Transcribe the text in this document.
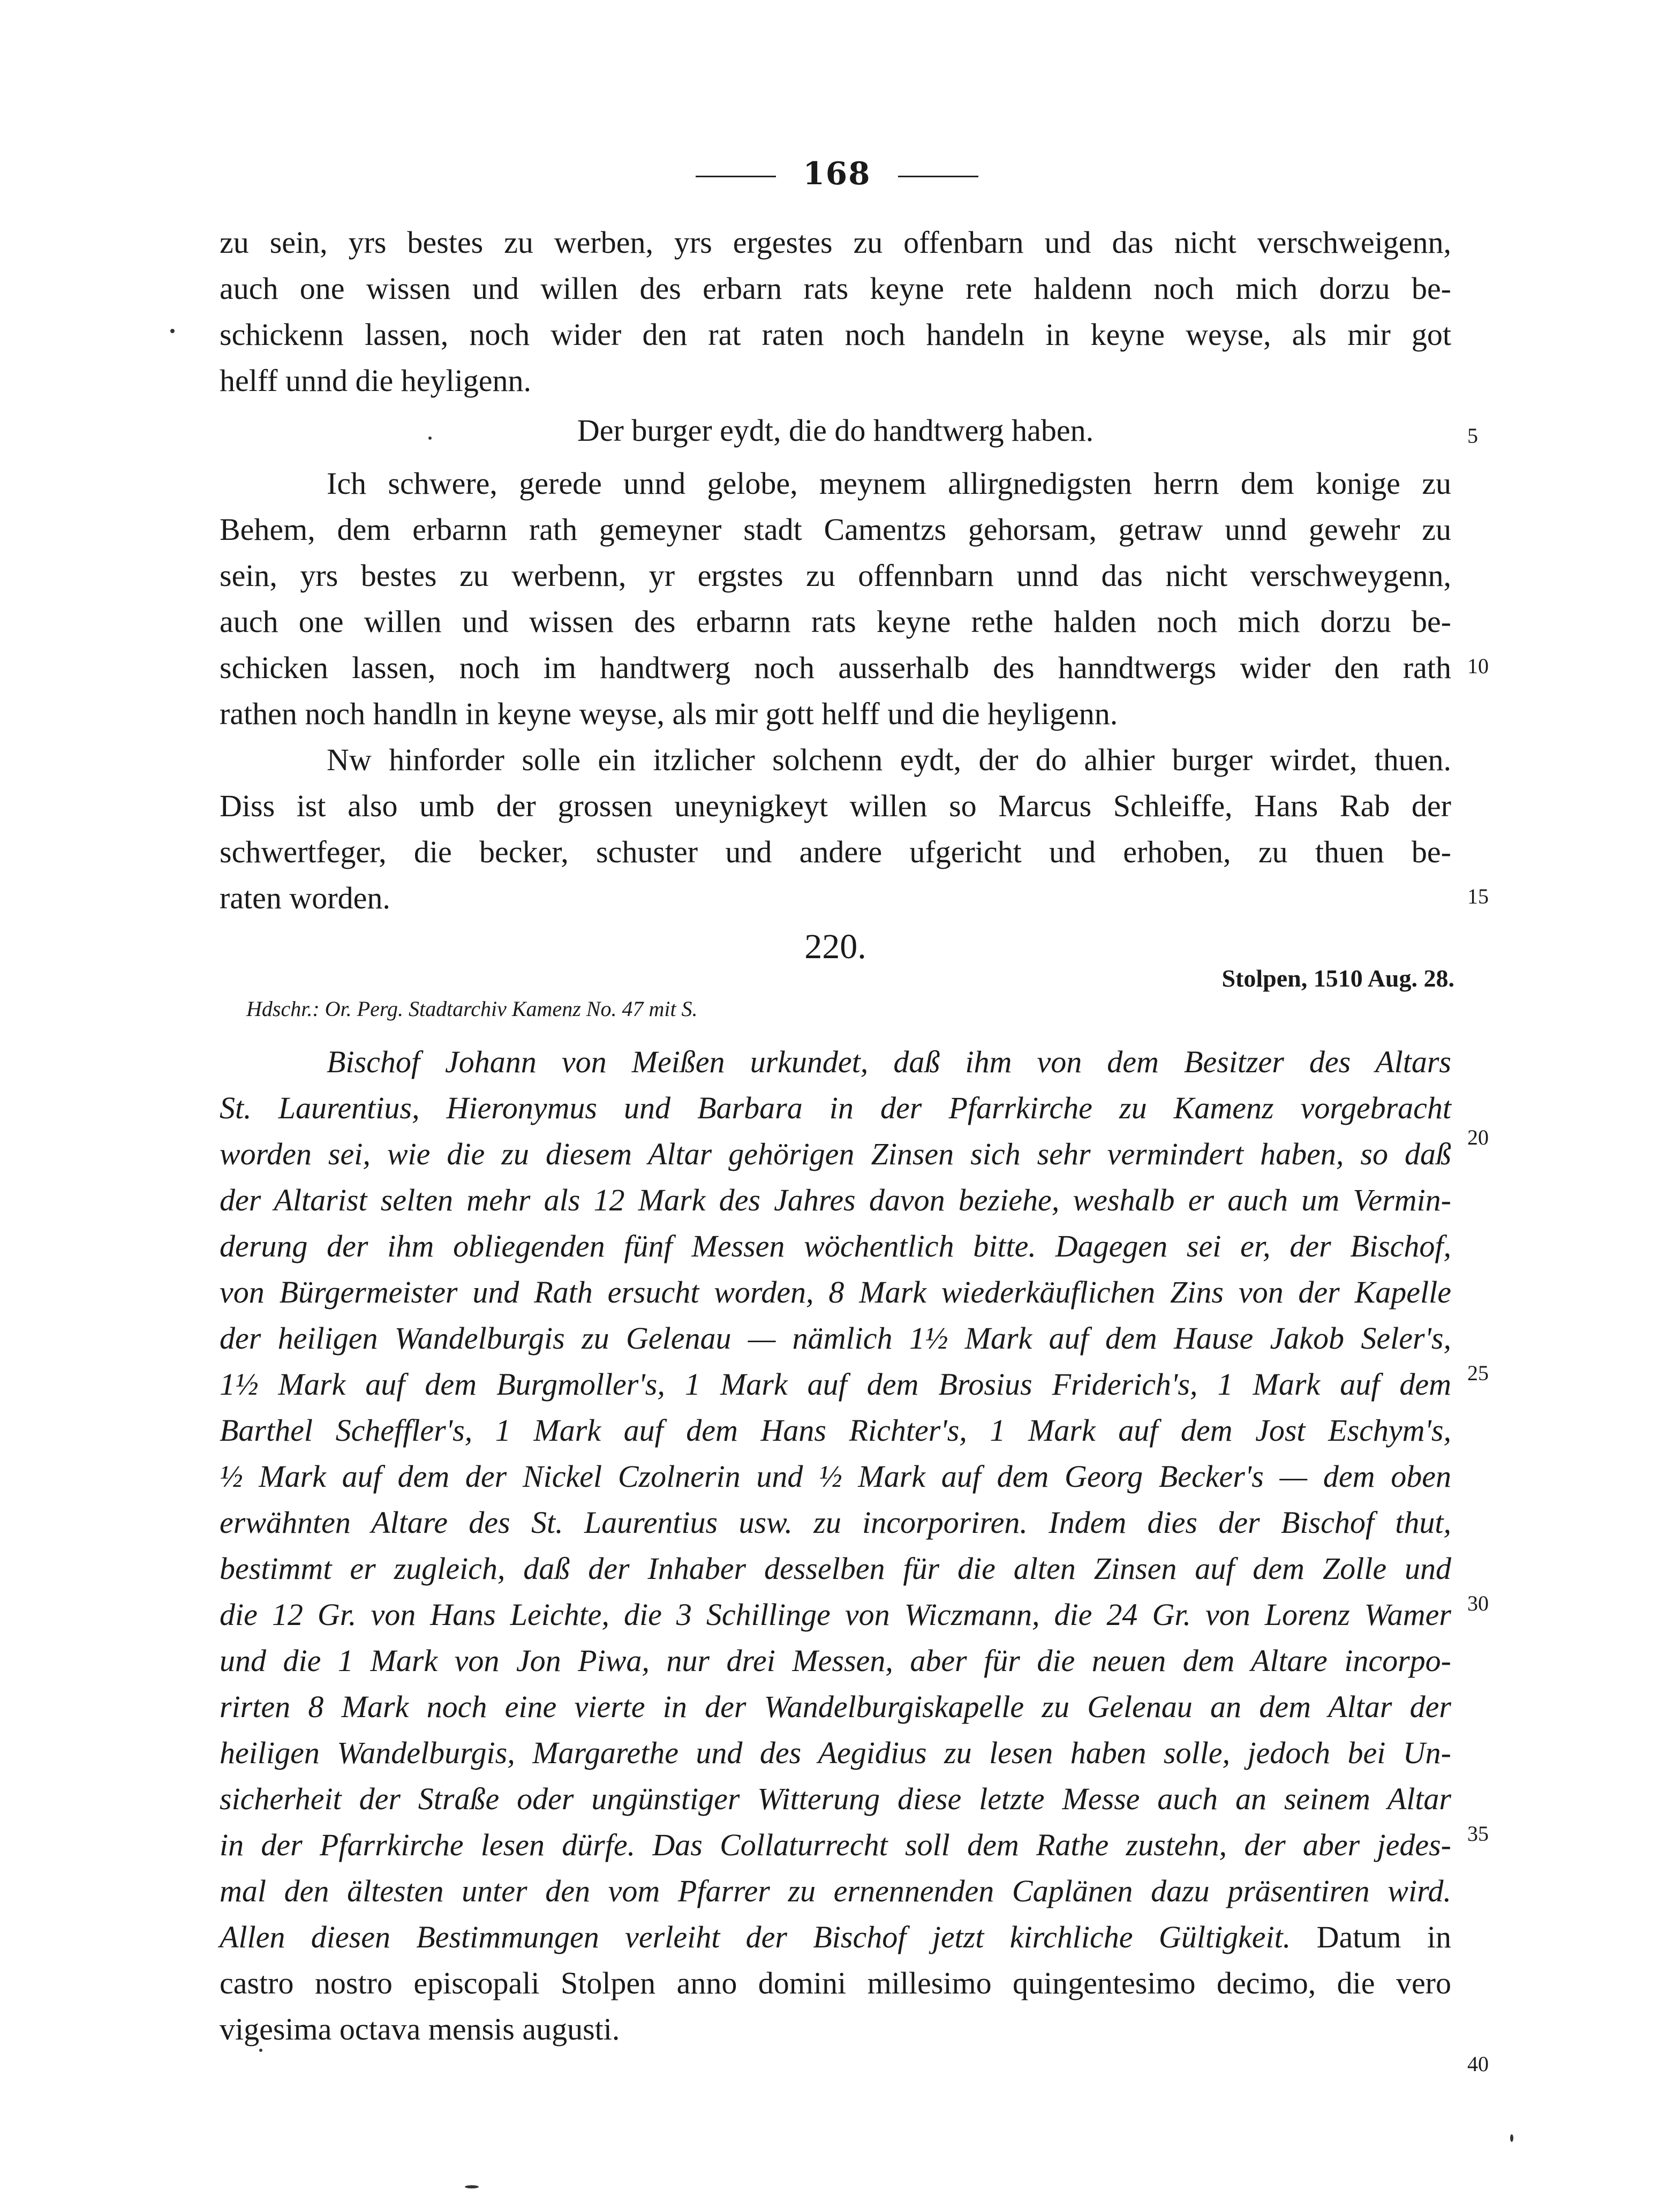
168
zu sein, yrs bestes zu werben, yrs ergestes zu offenbarn und das nicht verschweigenn,
auch one wissen und willen des erbarn rats keyne rete haldenn noch mich dorzu be-
schickenn lassen, noch wider den rat raten noch handeln in keyne weyse, als mir got
helff unnd die heyligenn.
Der burger eydt, die do handtwerg haben.
Ich schwere, gerede unnd gelobe, meynem allirgnedigsten herrn dem konige zu
Behem, dem erbarnn rath gemeyner stadt Camentzs gehorsam, getraw unnd gewehr zu
sein, yrs bestes zu werbenn, yr ergstes zu offennbarn unnd das nicht verschweygenn,
auch one willen und wissen des erbarnn rats keyne rethe halden noch mich dorzu be-
schicken lassen, noch im handtwerg noch ausserhalb des hanndtwergs wider den rath
rathen noch handln in keyne weyse, als mir gott helff und die heyligenn.
Nw hinforder solle ein itzlicher solchenn eydt, der do alhier burger wirdet, thuen.
Diss ist also umb der grossen uneynigkeyt willen so Marcus Schleiffe, Hans Rab der
schwertfeger, die becker, schuster und andere ufgericht und erhoben, zu thuen be-
raten worden.
220.
Stolpen, 1510 Aug. 28.
Hdschr.: Or. Perg. Stadtarchiv Kamenz No. 47 mit S.
Bischof Johann von Meißen urkundet, daß ihm von dem Besitzer des Altars
St. Laurentius, Hieronymus und Barbara in der Pfarrkirche zu Kamenz vorgebracht
worden sei, wie die zu diesem Altar gehörigen Zinsen sich sehr vermindert haben, so daß
der Altarist selten mehr als 12 Mark des Jahres davon beziehe, weshalb er auch um Vermin-
derung der ihm obliegenden fünf Messen wöchentlich bitte. Dagegen sei er, der Bischof,
von Bürgermeister und Rath ersucht worden, 8 Mark wiederkäuflichen Zins von der Kapelle
der heiligen Wandelburgis zu Gelenau — nämlich 1½ Mark auf dem Hause Jakob Seler's,
1½ Mark auf dem Burgmoller's, 1 Mark auf dem Brosius Friderich's, 1 Mark auf dem
Barthel Scheffler's, 1 Mark auf dem Hans Richter's, 1 Mark auf dem Jost Eschym's,
½ Mark auf dem der Nickel Czolnerin und ½ Mark auf dem Georg Becker's — dem oben
erwähnten Altare des St. Laurentius usw. zu incorporiren. Indem dies der Bischof thut,
bestimmt er zugleich, daß der Inhaber desselben für die alten Zinsen auf dem Zolle und
die 12 Gr. von Hans Leichte, die 3 Schillinge von Wiczmann, die 24 Gr. von Lorenz Wamer
und die 1 Mark von Jon Piwa, nur drei Messen, aber für die neuen dem Altare incorpo-
rirten 8 Mark noch eine vierte in der Wandelburgiskapelle zu Gelenau an dem Altar der
heiligen Wandelburgis, Margarethe und des Aegidius zu lesen haben solle, jedoch bei Un-
sicherheit der Straße oder ungünstiger Witterung diese letzte Messe auch an seinem Altar
in der Pfarrkirche lesen dürfe. Das Collaturrecht soll dem Rathe zustehn, der aber jedes-
mal den ältesten unter den vom Pfarrer zu ernennenden Caplänen dazu präsentiren wird.
Allen diesen Bestimmungen verleiht der Bischof jetzt kirchliche Gültigkeit. Datum in
castro nostro episcopali Stolpen anno domini millesimo quingentesimo decimo, die vero
vigesima octava mensis augusti.
5
10
15
20
25
30
35
40
